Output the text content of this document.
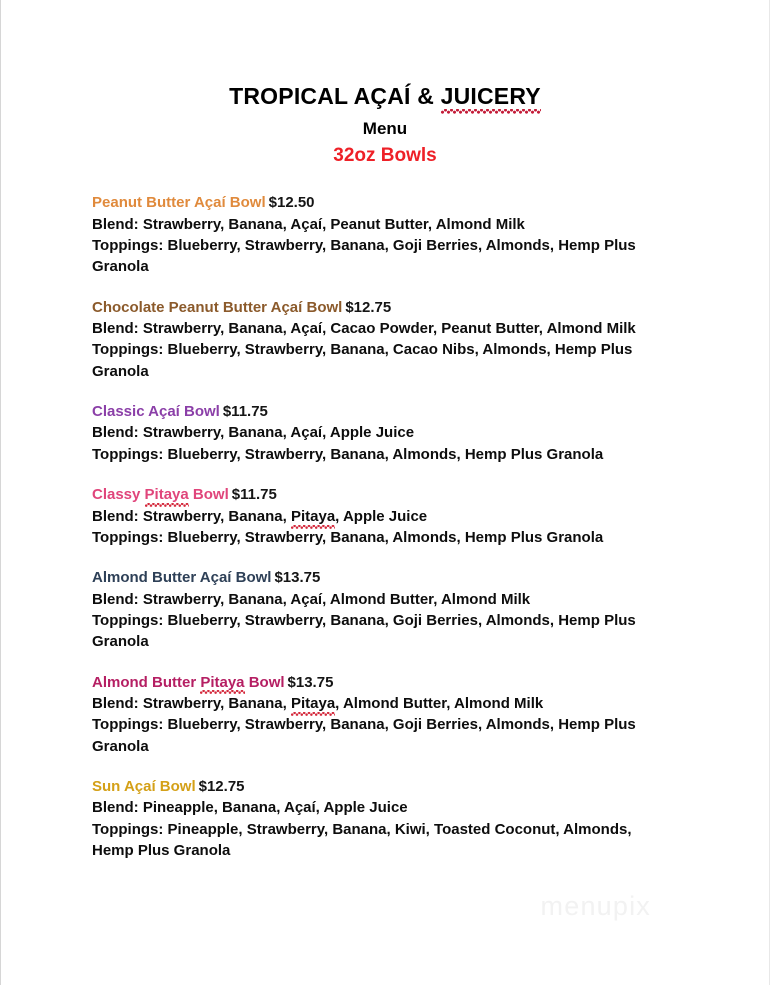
TROPICAL AÇAÍ & JUICERY
Menu
32oz Bowls
Peanut Butter Açaí Bowl $12.50
Blend: Strawberry, Banana, Açaí, Peanut Butter, Almond Milk
Toppings: Blueberry, Strawberry, Banana, Goji Berries, Almonds, Hemp Plus Granola
Chocolate Peanut Butter Açaí Bowl $12.75
Blend: Strawberry, Banana, Açaí, Cacao Powder, Peanut Butter, Almond Milk
Toppings: Blueberry, Strawberry, Banana, Cacao Nibs, Almonds, Hemp Plus Granola
Classic Açaí Bowl $11.75
Blend: Strawberry, Banana, Açaí, Apple Juice
Toppings: Blueberry, Strawberry, Banana, Almonds, Hemp Plus Granola
Classy Pitaya Bowl $11.75
Blend: Strawberry, Banana, Pitaya, Apple Juice
Toppings: Blueberry, Strawberry, Banana, Almonds, Hemp Plus Granola
Almond Butter Açaí Bowl $13.75
Blend: Strawberry, Banana, Açaí, Almond Butter, Almond Milk
Toppings: Blueberry, Strawberry, Banana, Goji Berries, Almonds, Hemp Plus Granola
Almond Butter Pitaya Bowl $13.75
Blend: Strawberry, Banana, Pitaya, Almond Butter, Almond Milk
Toppings: Blueberry, Strawberry, Banana, Goji Berries, Almonds, Hemp Plus Granola
Sun Açaí Bowl $12.75
Blend: Pineapple, Banana, Açaí, Apple Juice
Toppings: Pineapple, Strawberry, Banana, Kiwi, Toasted Coconut, Almonds, Hemp Plus Granola
menupix
